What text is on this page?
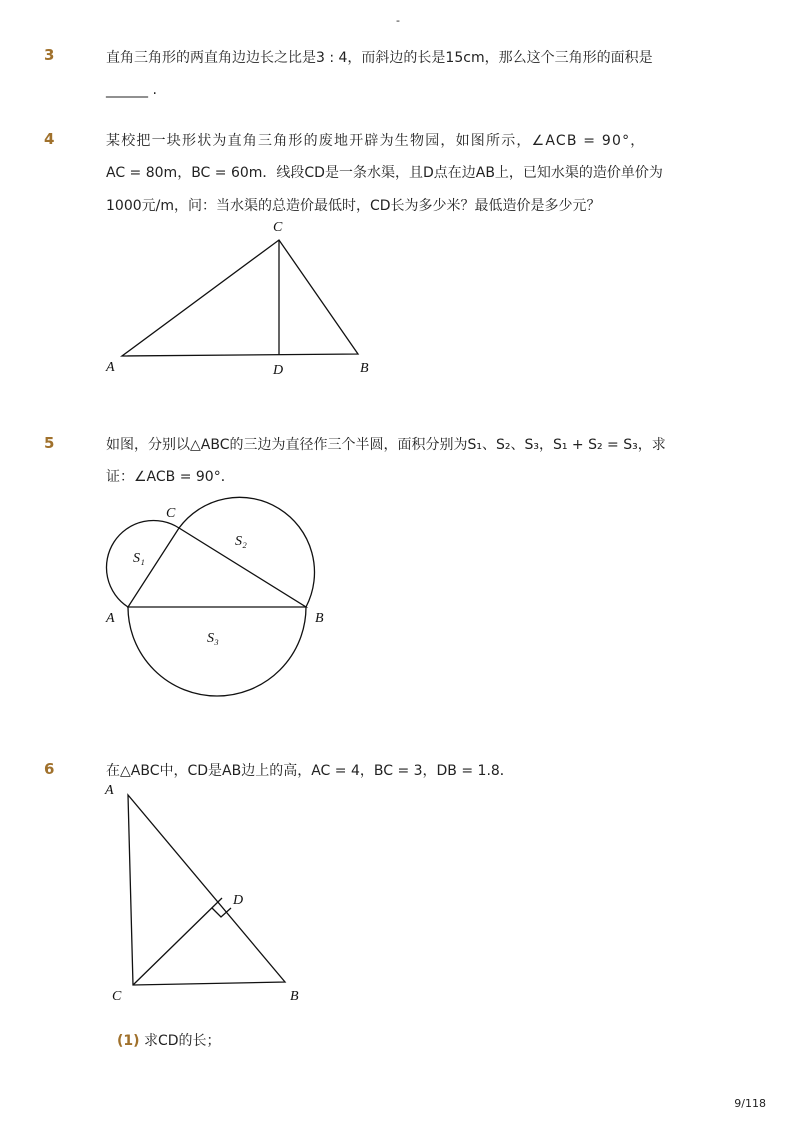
-
3	直角三角形的两直角边边长之比是3 : 4，而斜边的长是15cm，那么这个三角形的面积是
______ .
4	某校把一块形状为直角三角形的废地开辟为生物园，如图所示，∠ACB = 90°，
AC = 80m，BC = 60m．线段CD是一条水渠，且D点在边AB上，已知水渠的造价单价为
1000元/m，问：当水渠的总造价最低时，CD长为多少米？最低造价是多少元？
5	如图，分别以△ABC的三边为直径作三个半圆，面积分别为S₁、S₂、S₃，S₁ + S₂ = S₃，求
证：∠ACB = 90°．
6	在△ABC中，CD是AB边上的高，AC = 4，BC = 3，DB = 1.8．
(1) 求CD的长；
C
A	D	B
C
A	B
S₁
S₂
S₃
A
D
C	B
9/118
